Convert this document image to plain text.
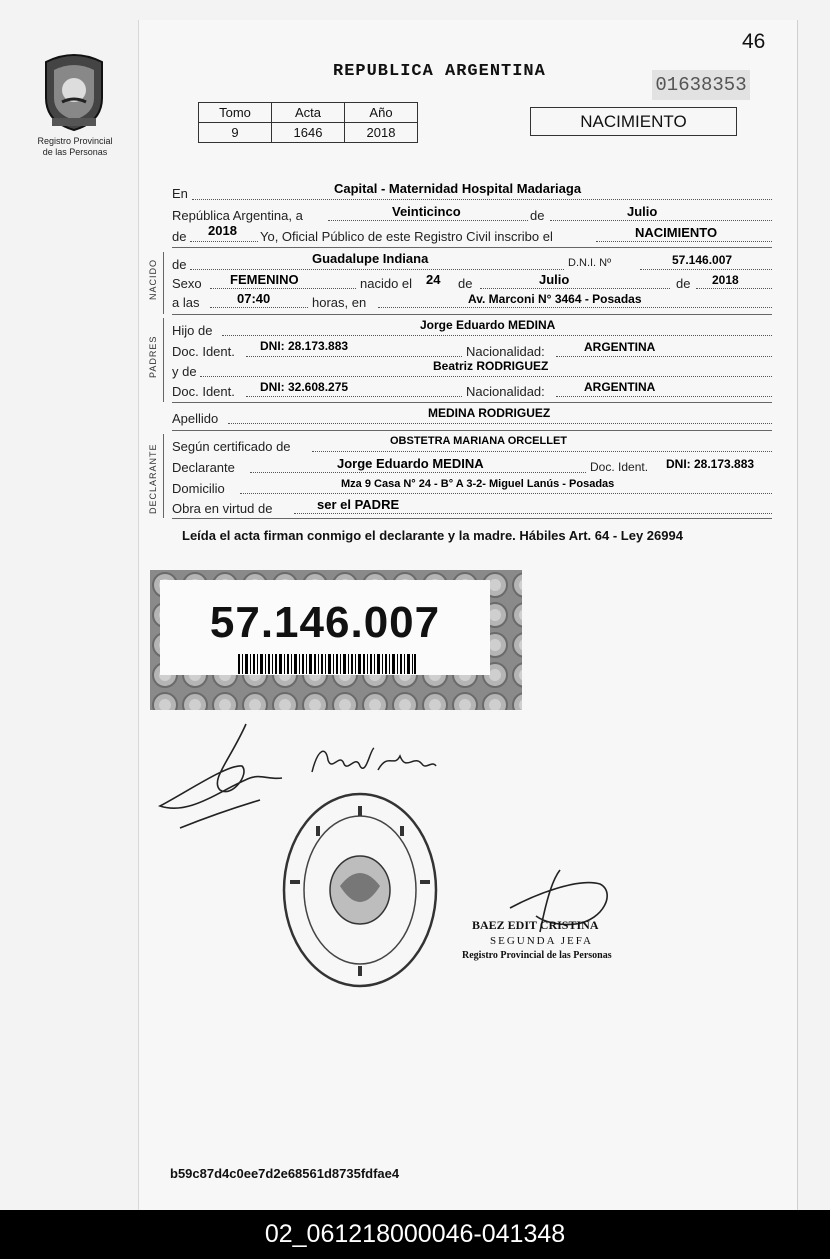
Registro Provincial
de las Personas
46
REPUBLICA ARGENTINA
01638353
Tomo	Acta	Año
9	1646	2018
NACIMIENTO
En	Capital - Maternidad Hospital Madariaga
República Argentina, a	Veinticinco	de	Julio
de 2018 Yo, Oficial Público de este Registro Civil inscribo el	NACIMIENTO
NACIDO de	Guadalupe Indiana	D.N.I. Nº	57.146.007
Sexo FEMENINO	nacido el 24 de	Julio	de 2018
a las	07:40	horas, en	Av. Marconi N° 3464 - Posadas
PADRES
Hijo de	Jorge Eduardo MEDINA
Doc. Ident. DNI: 28.173.883	Nacionalidad:	ARGENTINA
y de	Beatriz RODRIGUEZ
Doc. Ident. DNI: 32.608.275	Nacionalidad:	ARGENTINA
Apellido	MEDINA RODRIGUEZ
DECLARANTE Según certificado de	OBSTETRA MARIANA ORCELLET
Declarante	Jorge Eduardo MEDINA	Doc. Ident. DNI: 28.173.883
Domicilio	Mza 9 Casa N° 24 - B° A 3-2- Miguel Lanús - Posadas
Obra en virtud de	ser el PADRE
Leída el acta firman conmigo el declarante y la madre. Hábiles Art. 64 - Ley 26994
57.146.007
BAEZ EDIT CRISTINA
SEGUNDA JEFA
Registro Provincial de las Personas
b59c87d4c0ee7d2e68561d8735fdfae4
02_061218000046-041348
